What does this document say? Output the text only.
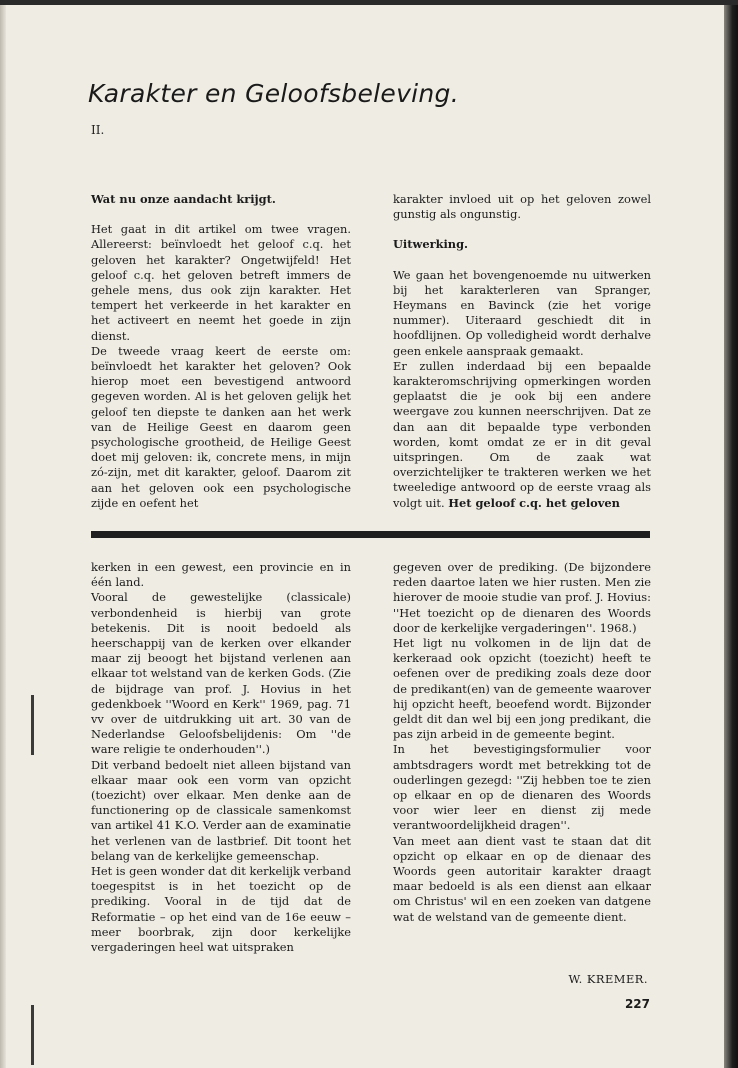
Karakter en Geloofsbeleving.
II.

Wat nu onze aandacht krijgt.

Het gaat in dit artikel om twee vragen. Allereerst: beïnvloedt het geloof c.q. het geloven het karakter? Ongetwijfeld! Het geloof c.q. het geloven betreft immers de gehele mens, dus ook zijn karakter. Het tempert het verkeerde in het karakter en het activeert en neemt het goede in zijn dienst.

De tweede vraag keert de eerste om: beïnvloedt het karakter het geloven? Ook hierop moet een bevestigend antwoord gegeven worden. Al is het geloven gelijk het geloof ten diepste te danken aan het werk van de Heilige Geest en daarom geen psychologische grootheid, de Heilige Geest doet mij geloven: ik, concrete mens, in mijn zó-zijn, met dit karakter, geloof. Daarom zit aan het geloven ook een psychologische zijde en oefent het

karakter invloed uit op het geloven zowel gunstig als ongunstig.

Uitwerking.

We gaan het bovengenoemde nu uitwerken bij het karakterleren van Spranger, Heymans en Bavinck (zie het vorige nummer). Uiteraard geschiedt dit in hoofdlijnen. Op volledigheid wordt derhalve geen enkele aanspraak gemaakt.

Er zullen inderdaad bij een bepaalde karakteromschrijving opmerkingen worden geplaatst die je ook bij een andere weergave zou kunnen neerschrijven. Dat ze dan aan dit bepaalde type verbonden worden, komt omdat ze er in dit geval uitspringen. Om de zaak wat overzichtelijker te trakteren werken we het tweeledige antwoord op de eerste vraag als volgt uit. Het geloof c.q. het geloven

kerken in een gewest, een provincie en in één land.

Vooral de gewestelijke (classicale) verbondenheid is hierbij van grote betekenis. Dit is nooit bedoeld als heerschappij van de kerken over elkander maar zij beoogt het bijstand verlenen aan elkaar tot welstand van de kerken Gods. (Zie de bijdrage van prof. J. Hovius in het gedenkboek ''Woord en Kerk'' 1969, pag. 71 vv over de uitdrukking uit art. 30 van de Nederlandse Geloofsbelijdenis: Om ''de ware religie te onderhouden''.)

Dit verband bedoelt niet alleen bijstand van elkaar maar ook een vorm van opzicht (toezicht) over elkaar. Men denke aan de functionering op de classicale samenkomst van artikel 41 K.O. Verder aan de examinatie het verlenen van de lastbrief. Dit toont het belang van de kerkelijke gemeenschap.

Het is geen wonder dat dit kerkelijk verband toegespitst is in het toezicht op de prediking. Vooral in de tijd dat de Reformatie – op het eind van de 16e eeuw – meer boorbrak, zijn door kerkelijke vergaderingen heel wat uitspraken

gegeven over de prediking. (De bijzondere reden daartoe laten we hier rusten. Men zie hierover de mooie studie van prof. J. Hovius: ''Het toezicht op de dienaren des Woords door de kerkelijke vergaderingen''. 1968.)

Het ligt nu volkomen in de lijn dat de kerkeraad ook opzicht (toezicht) heeft te oefenen over de prediking zoals deze door de predikant(en) van de gemeente waarover hij opzicht heeft, beoefend wordt. Bijzonder geldt dit dan wel bij een jong predikant, die pas zijn arbeid in de gemeente begint.

In het bevestigingsformulier voor ambtsdragers wordt met betrekking tot de ouderlingen gezegd: ''Zij hebben toe te zien op elkaar en op de dienaren des Woords voor wier leer en dienst zij mede verantwoordelijkheid dragen''.

Van meet aan dient vast te staan dat dit opzicht op elkaar en op de dienaar des Woords geen autoritair karakter draagt maar bedoeld is als een dienst aan elkaar om Christus' wil en een zoeken van datgene wat de welstand van de gemeente dient.

W. KREMER.
227
